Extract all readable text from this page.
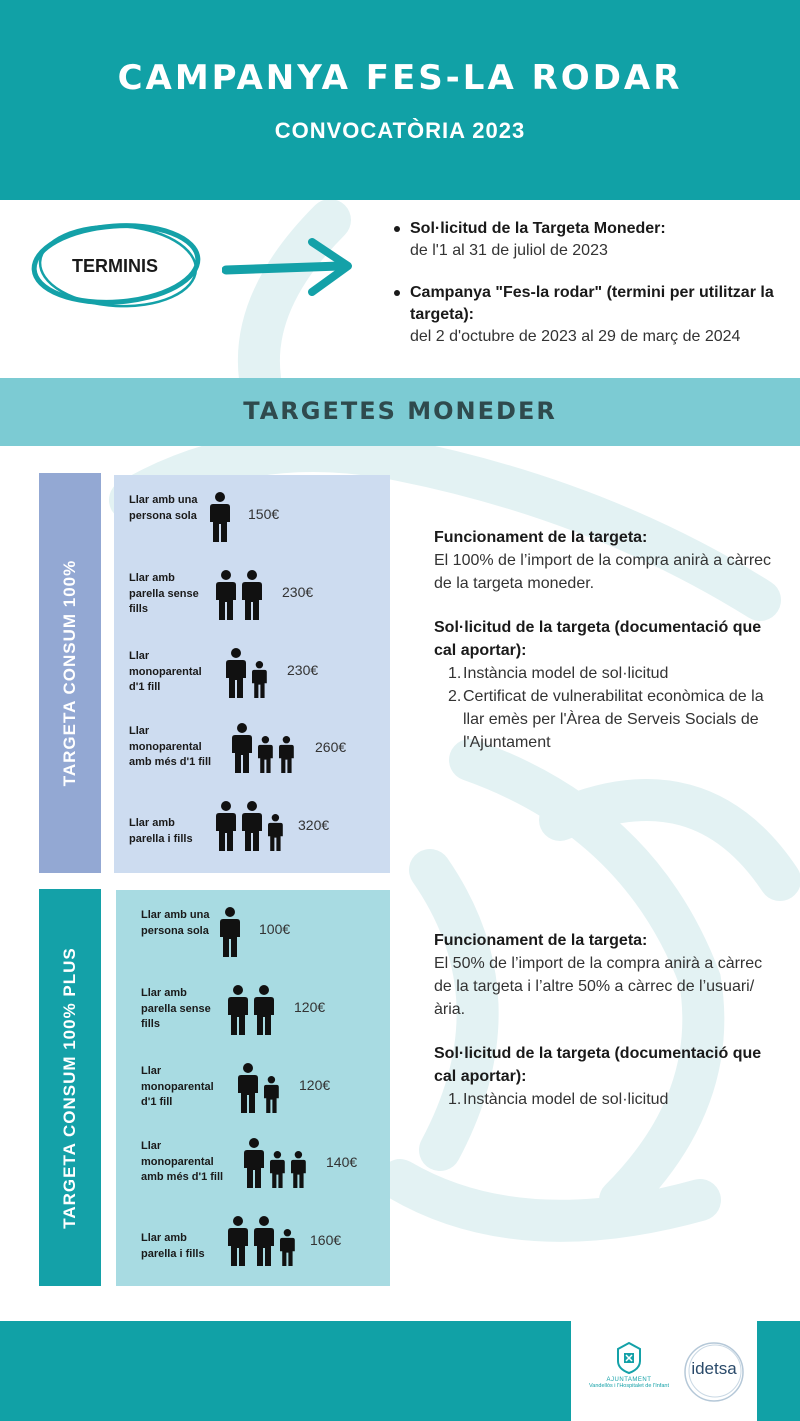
CAMPANYA FES-LA RODAR
CONVOCATÒRIA 2023
TERMINIS
Sol·licitud de la Targeta Moneder:
de l'1 al 31 de juliol de 2023
Campanya "Fes-la rodar" (termini per utilitzar la targeta):
del 2 d'octubre de 2023 al 29 de març de 2024
TARGETES MONEDER
TARGETA CONSUM 100%
Llar amb una persona sola	150€
Llar amb parella sense fills
230€
Llar monoparental d'1 fill
230€
Llar monoparental amb més d'1 fill
260€
Llar amb parella i fills
320€
Funcionament de la targeta:
El 100% de l’import de la compra anirà a càrrec de la targeta moneder.
Sol·licitud de la targeta (documentació que cal aportar):
1. Instància model de sol·licitud
2. Certificat de vulnerabilitat econòmica de la llar emès per l'Àrea de Serveis Socials de l'Ajuntament
TARGETA CONSUM 100% PLUS
Llar amb una persona sola	100€
Llar amb parella sense fills
120€
Llar monoparental d'1 fill
120€
Llar monoparental amb més d'1 fill
140€
Llar amb parella i fills
160€
Funcionament de la targeta:
El 50% de l’import de la compra anirà a càrrec de la targeta i l’altre 50% a càrrec de l’usuari/ària.
Sol·licitud de la targeta (documentació que cal aportar):
1. Instància model de sol·licitud
AJUNTAMENT
Vandellòs i l'Hospitalet de l'Infant
idetsa
